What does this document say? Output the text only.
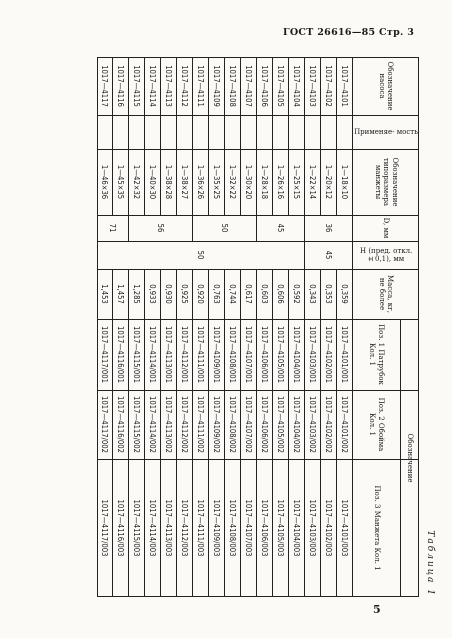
ГОСТ 26616—85 Стр. 3
5
Таблица 1
Обозначение насоса
Применяе- мость
Обозначение типоразмера манжеты
D, мм
H (пред. откл. ±0,1), мм
Масса, кг, не более
Обозначение
Поз. 1 Патрубок Кол. 1
Поз. 2 Обойма Кол. 1
Поз. 3 Манжета Кол. 1
1017—4101
1—18×10
0,359
1017—4101/001
1017—4101/002
1017—4101/003
1017—4102
1—20×12
0,353
1017—4102/001
1017—4102/002
1017—4102/003
1017—4103
1—22×14
0,343
1017—4103/001
1017—4103/002
1017—4103/003
1017—4104
1—25×15
0,592
1017—4104/001
1017—4104/002
1017—4104/003
1017—4105
1—26×16
0,606
1017—4105/001
1017—4105/002
1017—4105/003
1017—4106
1—28×18
0,603
1017—4106/001
1017—4106/002
1017—4106/003
1017—4107
1—30×20
0,617
1017—4107/001
1017—4107/002
1017—4107/003
1017—4108
1—32×22
0,744
1017—4108/001
1017—4108/002
1017—4108/003
1017—4109
1—35×25
0,763
1017—4109/001
1017—4109/002
1017—4109/003
1017—4111
1—36×26
0,920
1017—4111/001
1017—4111/002
1017—4111/003
1017—4112
1—38×27
0,925
1017—4112/001
1017—4112/002
1017—4112/003
1017—4113
1—38×28
0,930
1017—4113/001
1017—4113/002
1017—4113/003
1017—4114
1—40×30
0,933
1017—4114/001
1017—4114/002
1017—4114/003
1017—4115
1—42×32
1,285
1017—4115/001
1017—4115/002
1017—4115/003
1017—4116
1—45×35
1,457
1017—4116/001
1017—4116/002
1017—4116/003
1017—4117
1—46×36
1,453
1017—4117/001
1017—4117/002
1017—4117/003
36
45
50
56
71
45
50
